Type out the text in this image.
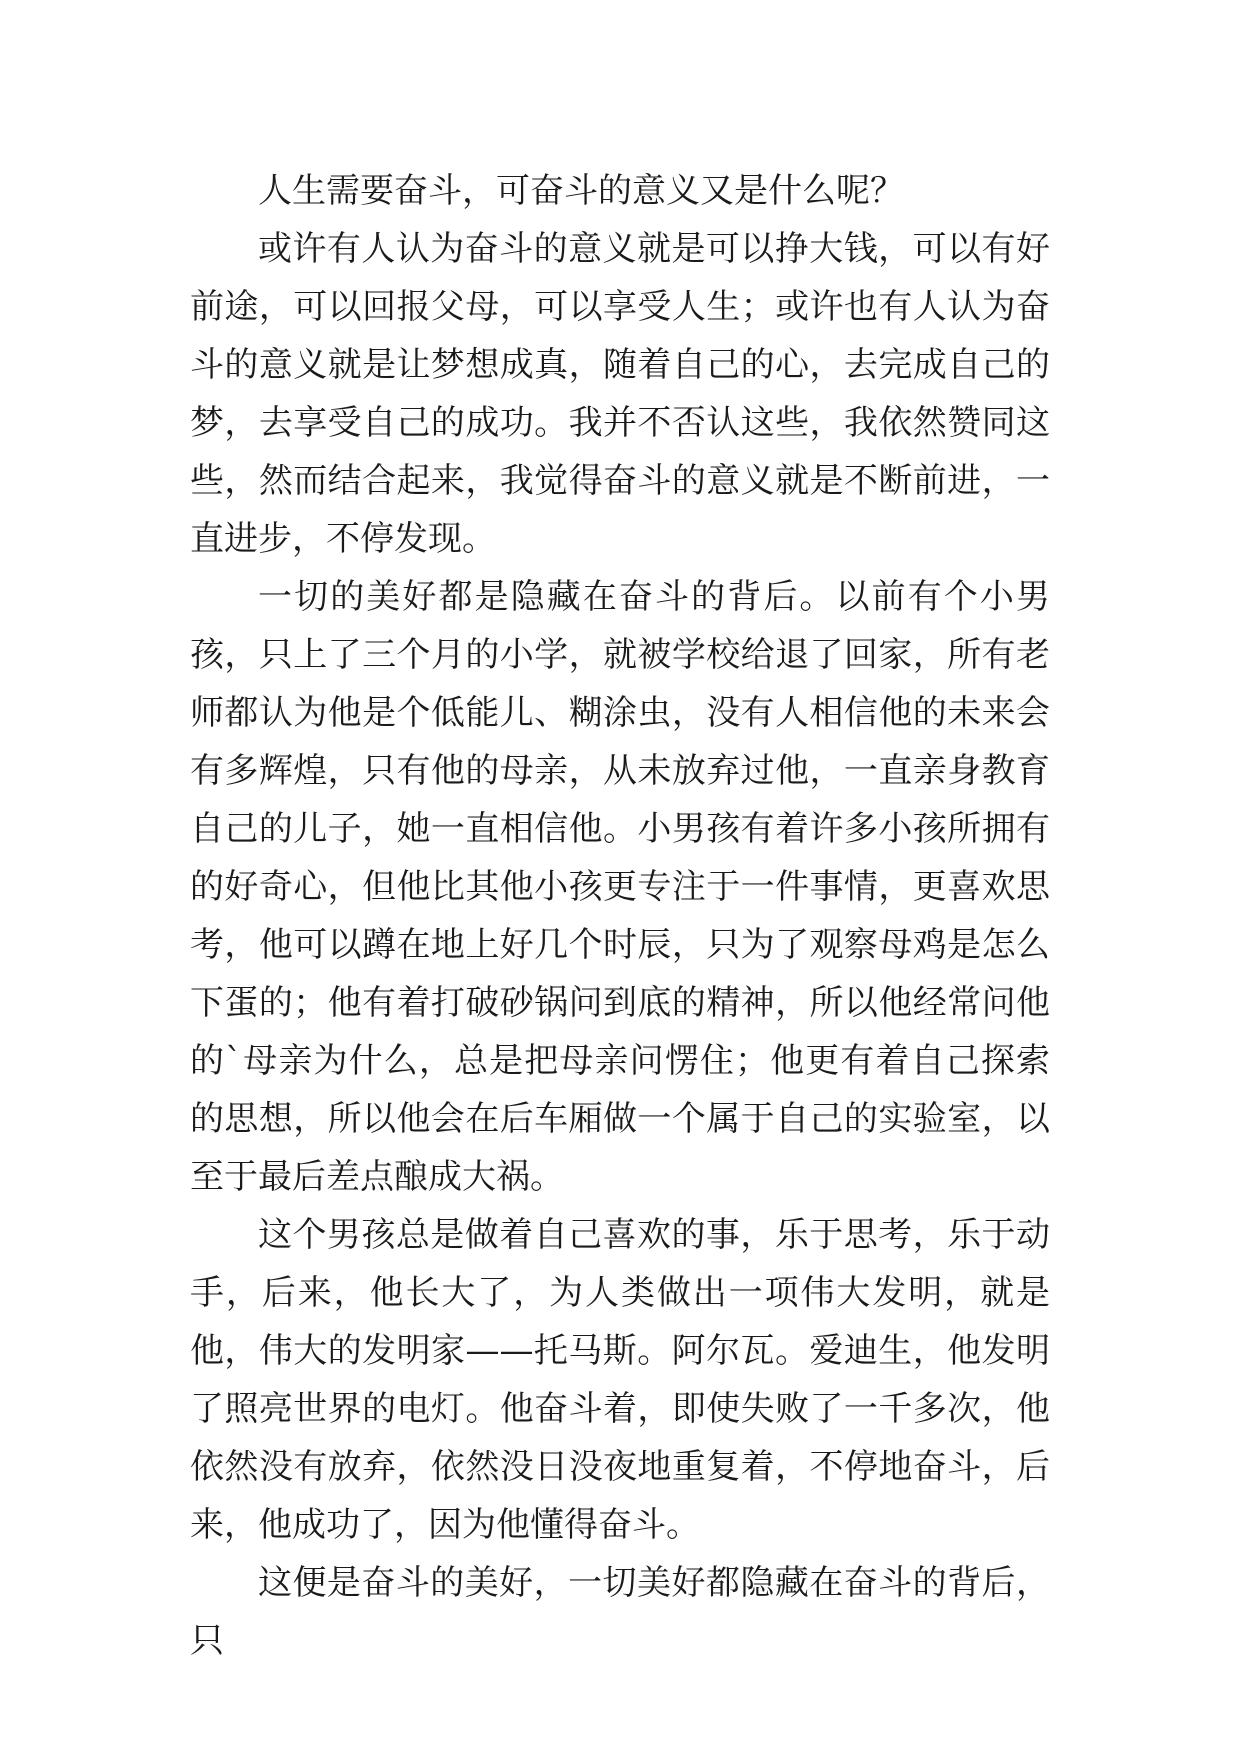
人生需要奋斗，可奋斗的意义又是什么呢？

或许有人认为奋斗的意义就是可以挣大钱，可以有好前途，可以回报父母，可以享受人生；或许也有人认为奋斗的意义就是让梦想成真，随着自己的心，去完成自己的梦，去享受自己的成功。我并不否认这些，我依然赞同这些，然而结合起来，我觉得奋斗的意义就是不断前进，一直进步，不停发现。

一切的美好都是隐藏在奋斗的背后。以前有个小男孩，只上了三个月的小学，就被学校给退了回家，所有老师都认为他是个低能儿、糊涂虫，没有人相信他的未来会有多辉煌，只有他的母亲，从未放弃过他，一直亲身教育自己的儿子，她一直相信他。小男孩有着许多小孩所拥有的好奇心，但他比其他小孩更专注于一件事情，更喜欢思考，他可以蹲在地上好几个时辰，只为了观察母鸡是怎么下蛋的；他有着打破砂锅问到底的精神，所以他经常问他的`母亲为什么，总是把母亲问愣住；他更有着自己探索的思想，所以他会在后车厢做一个属于自己的实验室，以至于最后差点酿成大祸。

这个男孩总是做着自己喜欢的事，乐于思考，乐于动手，后来，他长大了，为人类做出一项伟大发明，就是他，伟大的发明家——托马斯。阿尔瓦。爱迪生，他发明了照亮世界的电灯。他奋斗着，即使失败了一千多次，他依然没有放弃，依然没日没夜地重复着，不停地奋斗，后来，他成功了，因为他懂得奋斗。

这便是奋斗的美好，一切美好都隐藏在奋斗的背后，只
